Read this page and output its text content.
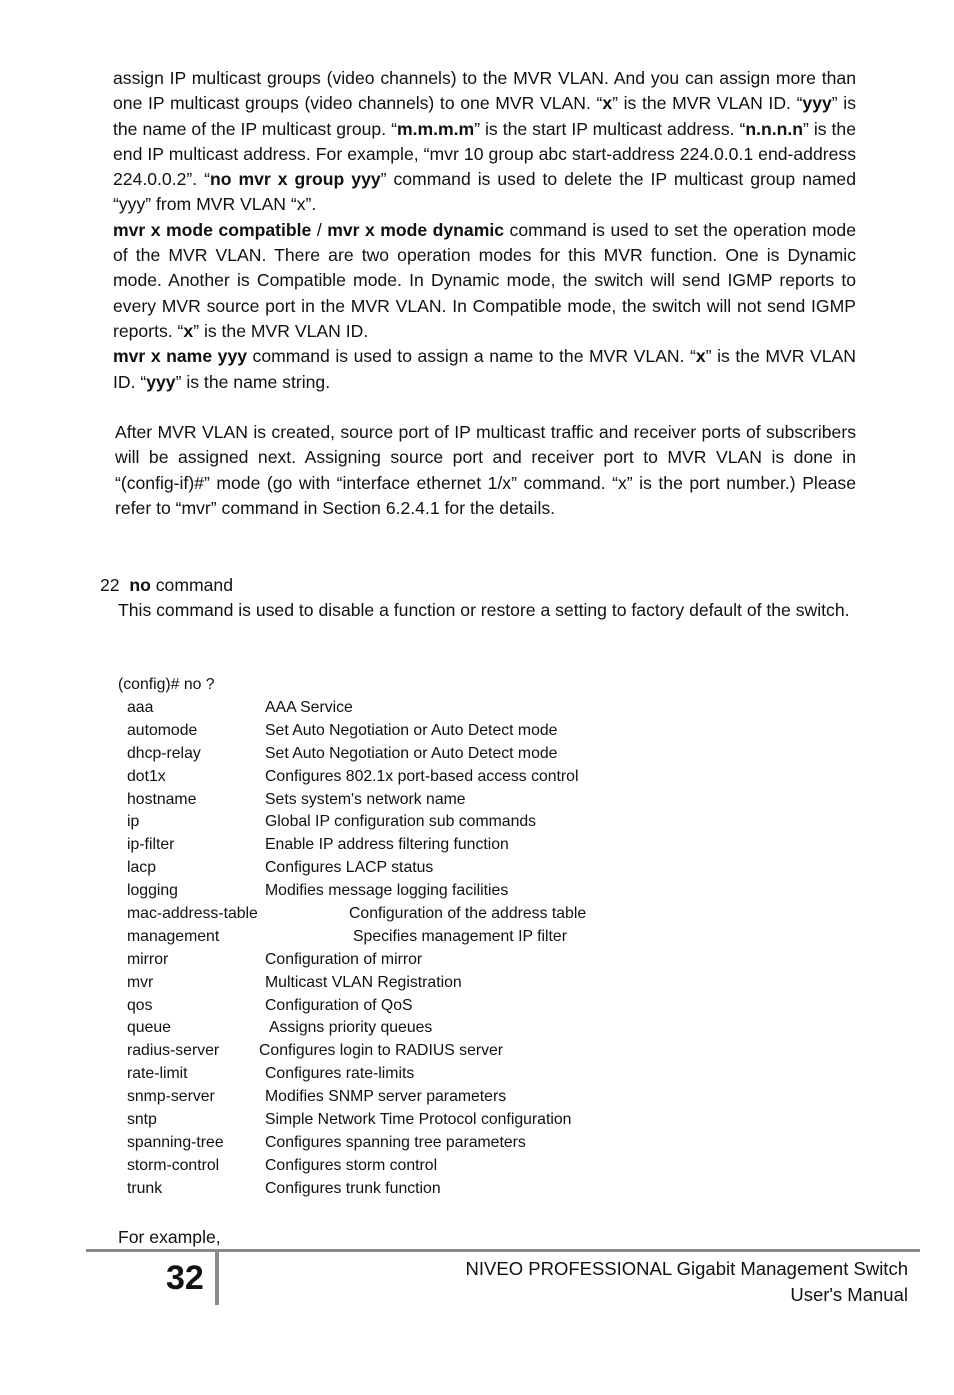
assign IP multicast groups (video channels) to the MVR VLAN. And you can assign more than one IP multicast groups (video channels) to one MVR VLAN. “x” is the MVR VLAN ID. “yyy” is the name of the IP multicast group. “m.m.m.m” is the start IP multicast address. “n.n.n.n” is the end IP multicast address. For example, “mvr 10 group abc start-address 224.0.0.1 end-address 224.0.0.2”. “no mvr x group yyy” command is used to delete the IP multicast group named “yyy” from MVR VLAN “x”.
mvr x mode compatible / mvr x mode dynamic command is used to set the operation mode of the MVR VLAN. There are two operation modes for this MVR function. One is Dynamic mode. Another is Compatible mode. In Dynamic mode, the switch will send IGMP reports to every MVR source port in the MVR VLAN. In Compatible mode, the switch will not send IGMP reports. “x” is the MVR VLAN ID.
mvr x name yyy command is used to assign a name to the MVR VLAN. “x” is the MVR VLAN ID. “yyy” is the name string.
After MVR VLAN is created, source port of IP multicast traffic and receiver ports of subscribers will be assigned next. Assigning source port and receiver port to MVR VLAN is done in “(config-if)#” mode (go with “interface ethernet 1/x” command. “x” is the port number.) Please refer to “mvr” command in Section 6.2.4.1 for the details.
22 no command
This command is used to disable a function or restore a setting to factory default of the switch.
(config)# no ?
aaa	AAA Service
automode	Set Auto Negotiation or Auto Detect mode
dhcp-relay	Set Auto Negotiation or Auto Detect mode
dot1x	Configures 802.1x port-based access control
hostname	Sets system's network name
ip	Global IP configuration sub commands
ip-filter	Enable IP address filtering function
lacp	Configures LACP status
logging	Modifies message logging facilities
mac-address-table	Configuration of the address table
management	Specifies management IP filter
mirror	Configuration of mirror
mvr	Multicast VLAN Registration
qos	Configuration of QoS
queue	Assigns priority queues
radius-server	Configures login to RADIUS server
rate-limit	Configures rate-limits
snmp-server	Modifies SNMP server parameters
sntp	Simple Network Time Protocol configuration
spanning-tree	Configures spanning tree parameters
storm-control	Configures storm control
trunk	Configures trunk function
For example,
32	NIVEO PROFESSIONAL Gigabit Management Switch
User's Manual
